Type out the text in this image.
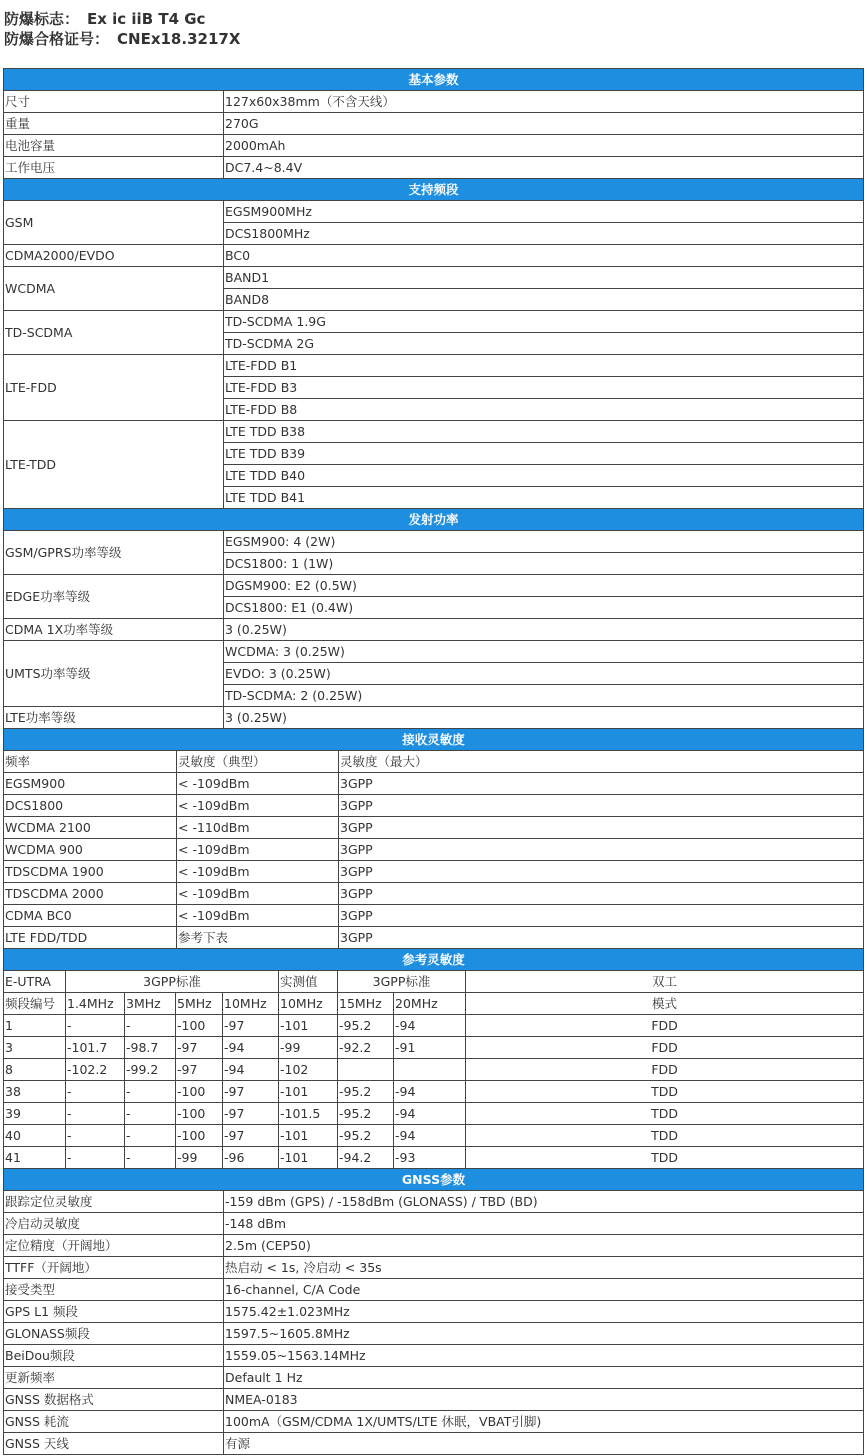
防爆标志： Ex ic iiB T4 Gc
防爆合格证号： CNEx18.3217X
基本参数	
尺寸	127x60x38mm（不含天线）
重量	270G
电池容量	2000mAh
工作电压	DC7.4~8.4V
支持频段	
GSM	EGSM900MHz
	DCS1800MHz
CDMA2000/EVDO	BC0
WCDMA	BAND1
	BAND8
TD-SCDMA	TD-SCDMA 1.9G
	TD-SCDMA 2G
LTE-FDD	LTE-FDD B1
	LTE-FDD B3
	LTE-FDD B8
LTE-TDD	LTE TDD B38
	LTE TDD B39
	LTE TDD B40
	LTE TDD B41
发射功率	
GSM/GPRS功率等级	EGSM900: 4 (2W)
	DCS1800: 1 (1W)
EDGE功率等级	DGSM900: E2 (0.5W)
	DCS1800: E1 (0.4W)
CDMA 1X功率等级	3 (0.25W)
UMTS功率等级	WCDMA: 3 (0.25W)
	EVDO: 3 (0.25W)
	TD-SCDMA: 2 (0.25W)
LTE功率等级	3 (0.25W)
接收灵敏度		
频率	灵敏度（典型）	灵敏度（最大）
EGSM900	< -109dBm	3GPP
DCS1800	< -109dBm	3GPP
WCDMA 2100	< -110dBm	3GPP
WCDMA 900	< -109dBm	3GPP
TDSCDMA 1900	< -109dBm	3GPP
TDSCDMA 2000	< -109dBm	3GPP
CDMA BC0	< -109dBm	3GPP
LTE FDD/TDD	参考下表	3GPP
参考灵敏度								
E-UTRA	3GPP标准				实测值	3GPP标准		双工
频段编号	1.4MHz	3MHz	5MHz	10MHz	10MHz	15MHz	20MHz	模式
1	-	-	-100	-97	-101	-95.2	-94	FDD
3	-101.7	-98.7	-97	-94	-99	-92.2	-91	FDD
8	-102.2	-99.2	-97	-94	-102			FDD
38	-	-	-100	-97	-101	-95.2	-94	TDD
39	-	-	-100	-97	-101.5	-95.2	-94	TDD
40	-	-	-100	-97	-101	-95.2	-94	TDD
41	-	-	-99	-96	-101	-94.2	-93	TDD
GNSS参数	
跟踪定位灵敏度	-159 dBm (GPS) / -158dBm (GLONASS) / TBD (BD)
冷启动灵敏度	-148 dBm
定位精度（开阔地）	2.5m (CEP50)
TTFF（开阔地）	热启动 < 1s, 冷启动 < 35s
接受类型	16-channel, C/A Code
GPS L1 频段	1575.42±1.023MHz
GLONASS频段	1597.5~1605.8MHz
BeiDou频段	1559.05~1563.14MHz
更新频率	Default 1 Hz
GNSS 数据格式	NMEA-0183
GNSS 耗流	100mA（GSM/CDMA 1X/UMTS/LTE 休眠，VBAT引脚)
GNSS 天线	有源
